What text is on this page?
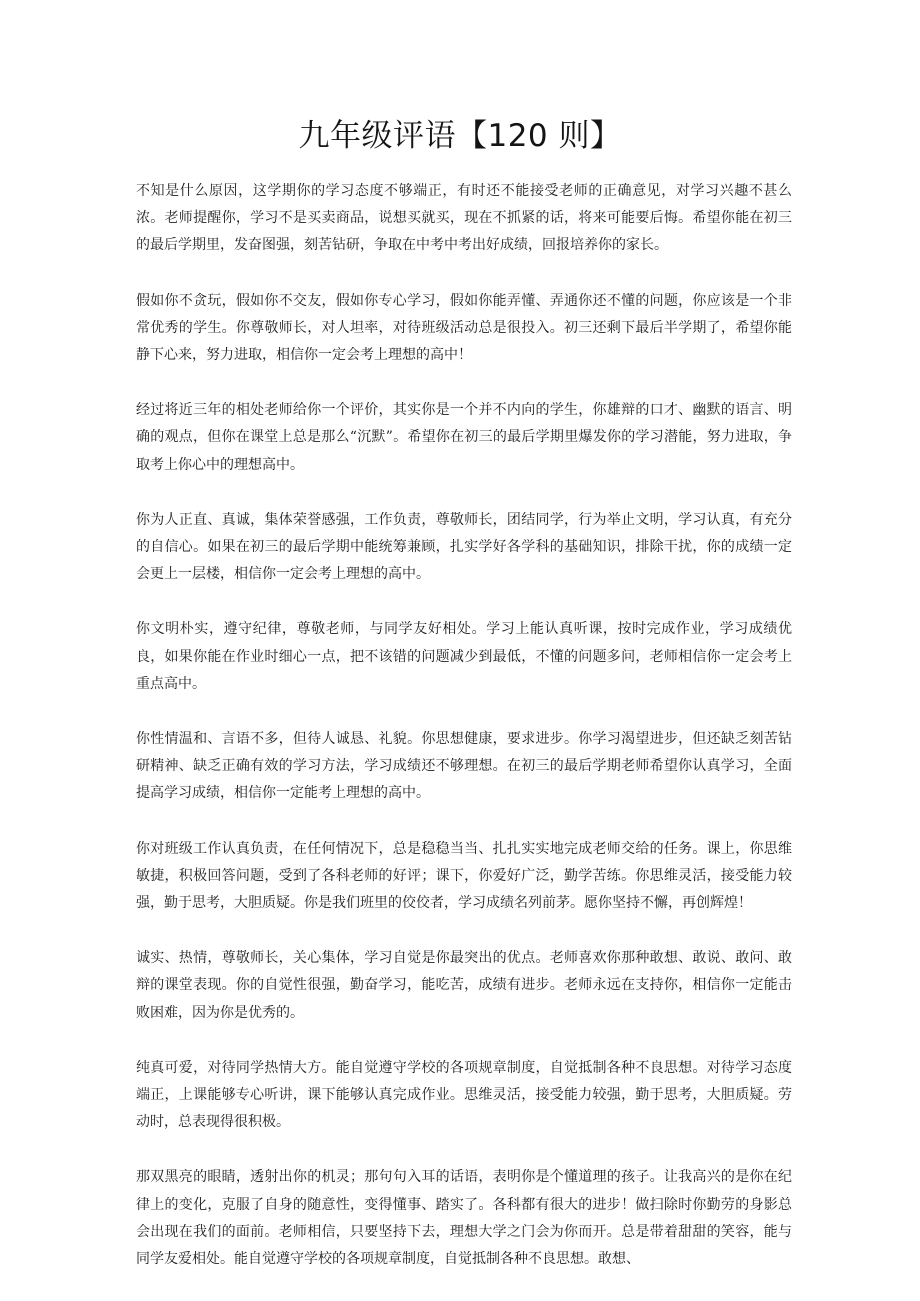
九年级评语【120 则】

不知是什么原因，这学期你的学习态度不够端正，有时还不能接受老师的正确意见，对学习兴趣不甚么浓。老师提醒你，学习不是买卖商品，说想买就买，现在不抓紧的话，将来可能要后悔。希望你能在初三的最后学期里，发奋图强，刻苦钻研，争取在中考中考出好成绩，回报培养你的家长。

假如你不贪玩，假如你不交友，假如你专心学习，假如你能弄懂、弄通你还不懂的问题，你应该是一个非常优秀的学生。你尊敬师长，对人坦率，对待班级活动总是很投入。初三还剩下最后半学期了，希望你能静下心来，努力进取，相信你一定会考上理想的高中！

经过将近三年的相处老师给你一个评价，其实你是一个并不内向的学生，你雄辩的口才、幽默的语言、明确的观点，但你在课堂上总是那么“沉默”。希望你在初三的最后学期里爆发你的学习潜能，努力进取，争取考上你心中的理想高中。

你为人正直、真诚，集体荣誉感强，工作负责，尊敬师长，团结同学，行为举止文明，学习认真，有充分的自信心。如果在初三的最后学期中能统筹兼顾，扎实学好各学科的基础知识，排除干扰，你的成绩一定会更上一层楼，相信你一定会考上理想的高中。

你文明朴实，遵守纪律，尊敬老师，与同学友好相处。学习上能认真听课，按时完成作业，学习成绩优良，如果你能在作业时细心一点，把不该错的问题减少到最低，不懂的问题多问，老师相信你一定会考上重点高中。

你性情温和、言语不多，但待人诚恳、礼貌。你思想健康，要求进步。你学习渴望进步，但还缺乏刻苦钻研精神、缺乏正确有效的学习方法，学习成绩还不够理想。在初三的最后学期老师希望你认真学习，全面提高学习成绩，相信你一定能考上理想的高中。

你对班级工作认真负责，在任何情况下，总是稳稳当当、扎扎实实地完成老师交给的任务。课上，你思维敏捷，积极回答问题，受到了各科老师的好评；课下，你爱好广泛，勤学苦练。你思维灵活，接受能力较强，勤于思考，大胆质疑。你是我们班里的佼佼者，学习成绩名列前茅。愿你坚持不懈，再创辉煌！

诚实、热情，尊敬师长，关心集体，学习自觉是你最突出的优点。老师喜欢你那种敢想、敢说、敢问、敢辩的课堂表现。你的自觉性很强，勤奋学习，能吃苦，成绩有进步。老师永远在支持你，相信你一定能击败困难，因为你是优秀的。

纯真可爱，对待同学热情大方。能自觉遵守学校的各项规章制度，自觉抵制各种不良思想。对待学习态度端正，上课能够专心听讲，课下能够认真完成作业。思维灵活，接受能力较强，勤于思考，大胆质疑。劳动时，总表现得很积极。

那双黑亮的眼睛，透射出你的机灵；那句句入耳的话语，表明你是个懂道理的孩子。让我高兴的是你在纪律上的变化，克服了自身的随意性，变得懂事、踏实了。各科都有很大的进步！做扫除时你勤劳的身影总会出现在我们的面前。老师相信，只要坚持下去，理想大学之门会为你而开。总是带着甜甜的笑容，能与同学友爱相处。能自觉遵守学校的各项规章制度，自觉抵制各种不良思想。敢想、
